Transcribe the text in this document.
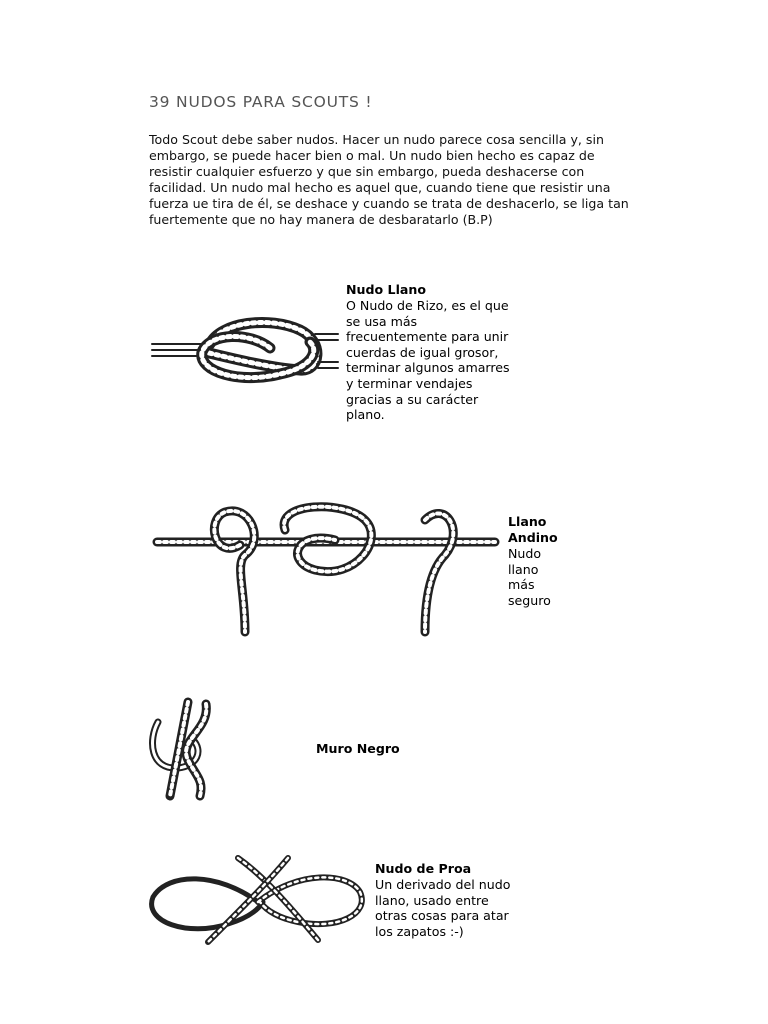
39 NUDOS PARA SCOUTS !
Todo Scout debe saber nudos. Hacer un nudo parece cosa sencilla y, sin embargo, se puede hacer bien o mal. Un nudo bien hecho es capaz de resistir cualquier esfuerzo y que sin embargo, pueda deshacerse con facilidad. Un nudo mal hecho es aquel que, cuando tiene que resistir una fuerza ue tira de él, se deshace y cuando se trata de deshacerlo, se liga tan fuertemente que no hay manera de desbaratarlo (B.P)
Nudo Llano
O Nudo de Rizo, es el que
se usa más
frecuentemente para unir
cuerdas de igual grosor,
terminar algunos amarres
y terminar vendajes
gracias a su carácter
plano.
Llano
Andino
Nudo
llano
más
seguro
Muro Negro
Nudo de Proa
Un derivado del nudo
llano, usado entre
otras cosas para atar
los zapatos :-)
